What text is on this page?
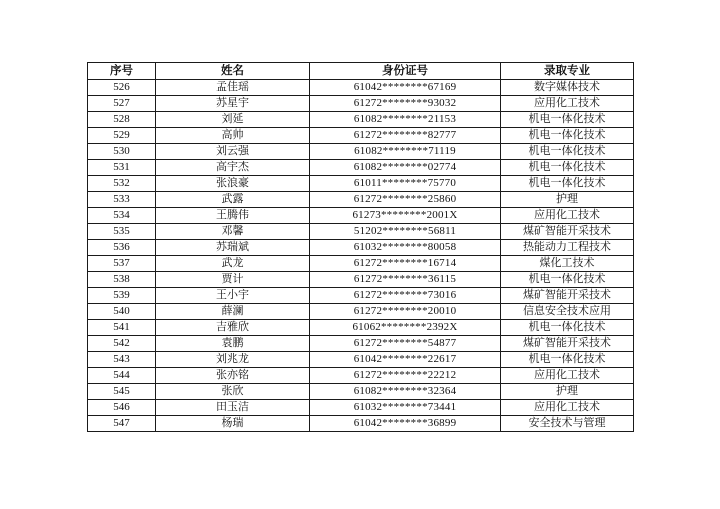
序号	姓名	身份证号	录取专业
526	孟佳瑶	61042********67169	数字媒体技术
527	苏星宇	61272********93032	应用化工技术
528	刘延	61082********21153	机电一体化技术
529	高帅	61272********82777	机电一体化技术
530	刘云强	61082********71119	机电一体化技术
531	高宇杰	61082********02774	机电一体化技术
532	张浪豪	61011********75770	机电一体化技术
533	武露	61272********25860	护理
534	王腾伟	61273********2001X	应用化工技术
535	邓馨	51202********56811	煤矿智能开采技术
536	苏瑞斌	61032********80058	热能动力工程技术
537	武龙	61272********16714	煤化工技术
538	贾计	61272********36115	机电一体化技术
539	王小宇	61272********73016	煤矿智能开采技术
540	薛澜	61272********20010	信息安全技术应用
541	吉雅欣	61062********2392X	机电一体化技术
542	袁鹏	61272********54877	煤矿智能开采技术
543	刘兆龙	61042********22617	机电一体化技术
544	张亦铭	61272********22212	应用化工技术
545	张欣	61082********32364	护理
546	田玉洁	61032********73441	应用化工技术
547	杨瑞	61042********36899	安全技术与管理
